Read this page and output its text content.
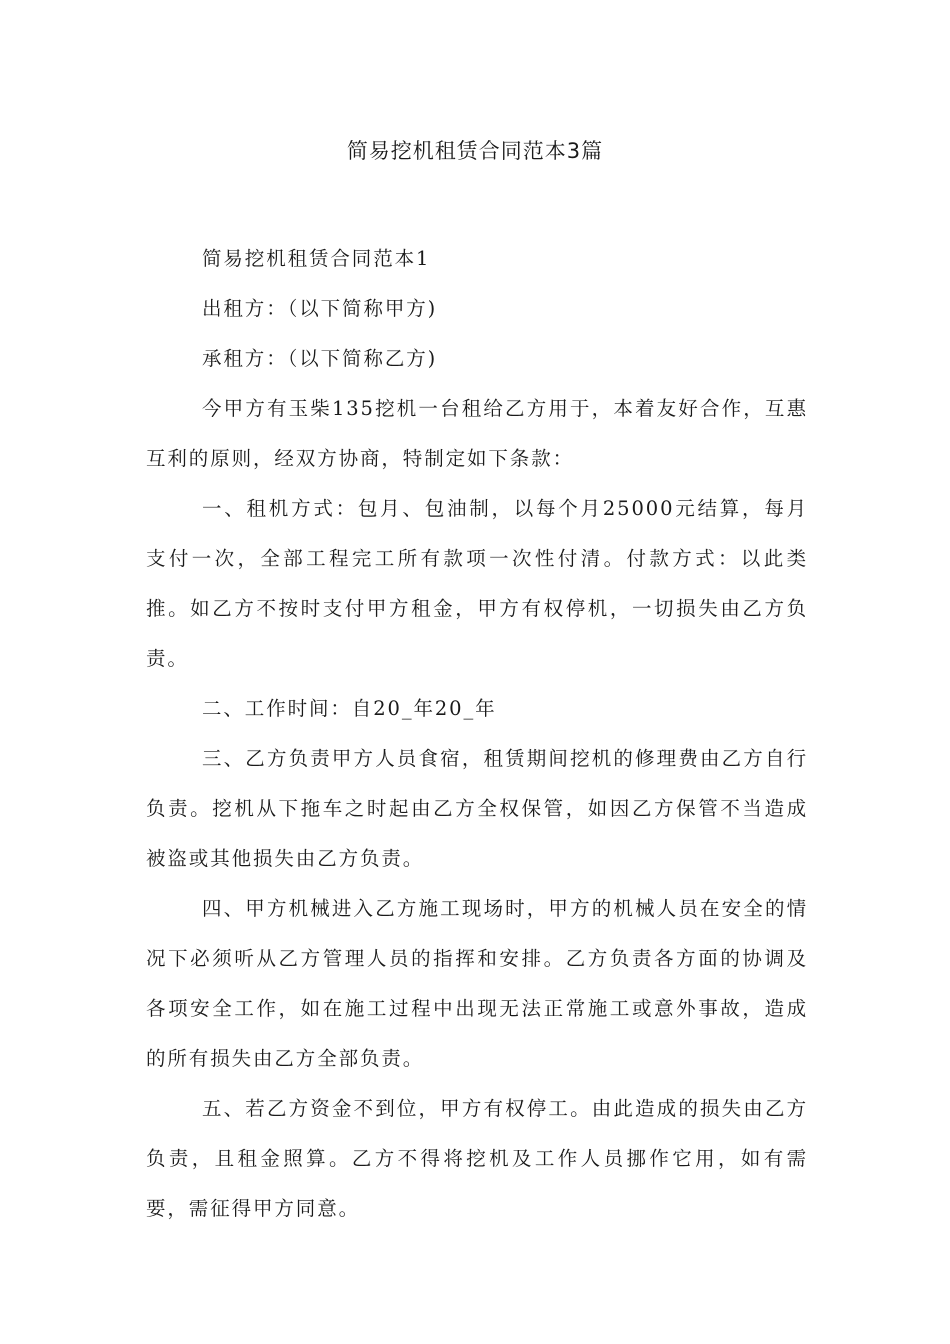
简易挖机租赁合同范本3篇

简易挖机租赁合同范本1

出租方：（以下简称甲方)

承租方：（以下简称乙方)

今甲方有玉柴135挖机一台租给乙方用于，本着友好合作，互惠互利的原则，经双方协商，特制定如下条款：

一、租机方式：包月、包油制，以每个月25000元结算，每月支付一次，全部工程完工所有款项一次性付清。付款方式：以此类推。如乙方不按时支付甲方租金，甲方有权停机，一切损失由乙方负责。

二、工作时间：自20_年20_年

三、乙方负责甲方人员食宿，租赁期间挖机的修理费由乙方自行负责。挖机从下拖车之时起由乙方全权保管，如因乙方保管不当造成被盗或其他损失由乙方负责。

四、甲方机械进入乙方施工现场时，甲方的机械人员在安全的情况下必须听从乙方管理人员的指挥和安排。乙方负责各方面的协调及各项安全工作，如在施工过程中出现无法正常施工或意外事故，造成的所有损失由乙方全部负责。

五、若乙方资金不到位，甲方有权停工。由此造成的损失由乙方负责，且租金照算。乙方不得将挖机及工作人员挪作它用，如有需要，需征得甲方同意。
